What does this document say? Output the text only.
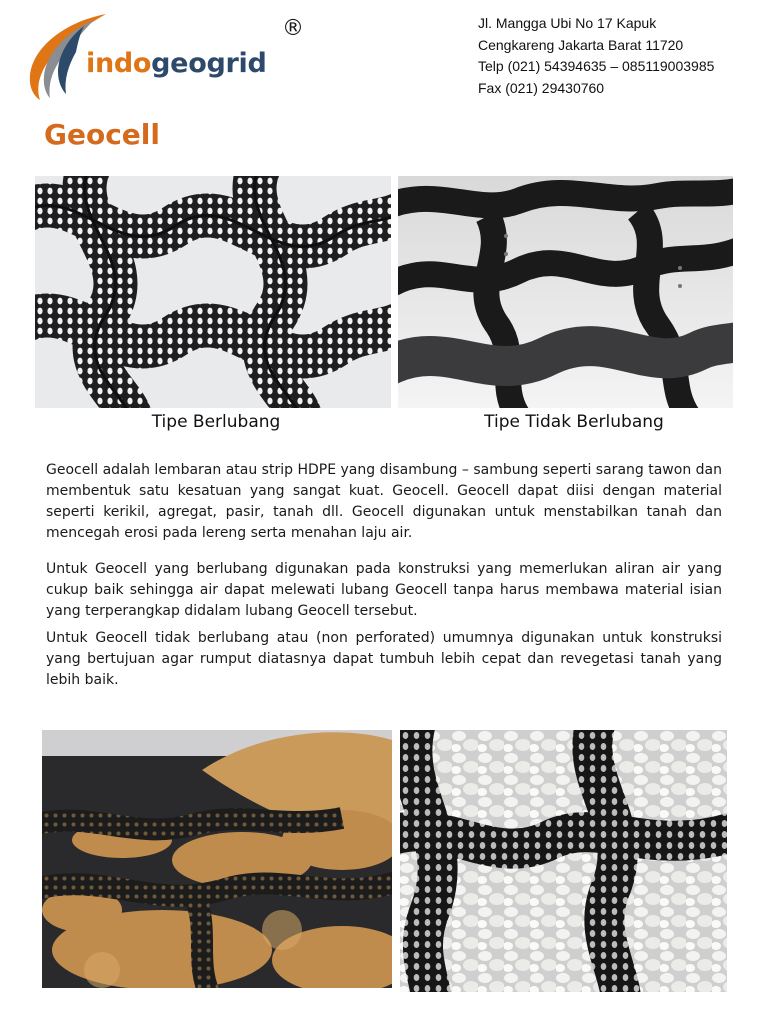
indogeogrid
®	Jl. Mangga Ubi No 17 Kapuk
Cengkareng Jakarta Barat 11720
Telp (021) 54394635 – 085119003985
Fax (021) 29430760
Geocell
Tipe Berlubang	Tipe Tidak Berlubang

Geocell adalah lembaran atau strip HDPE yang disambung – sambung seperti sarang tawon dan membentuk satu kesatuan yang sangat kuat. Geocell. Geocell dapat diisi dengan material seperti kerikil, agregat, pasir, tanah dll. Geocell digunakan untuk menstabilkan tanah dan mencegah erosi pada lereng serta menahan laju air.

Untuk Geocell yang berlubang digunakan pada konstruksi yang memerlukan aliran air yang cukup baik sehingga air dapat melewati lubang Geocell tanpa harus membawa material isian yang terperangkap didalam lubang Geocell tersebut.

Untuk Geocell tidak berlubang atau (non perforated) umumnya digunakan untuk konstruksi yang bertujuan agar rumput diatasnya dapat tumbuh lebih cepat dan revegetasi tanah yang lebih baik.
